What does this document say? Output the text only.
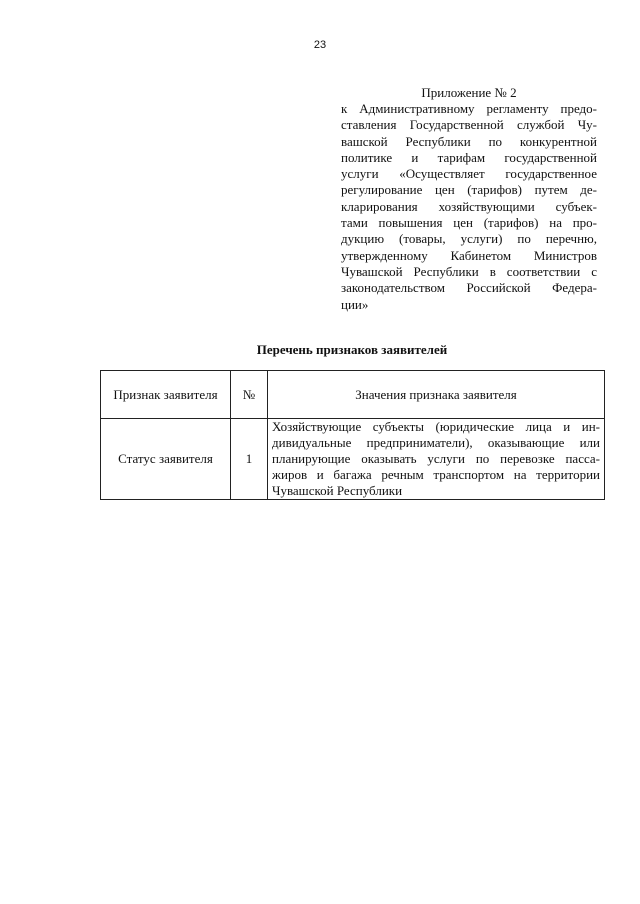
23
Приложение № 2
к Административному регламенту предо-
ставления Государственной службой Чу-
вашской Республики по конкурентной
политике и тарифам государственной
услуги «Осуществляет государственное
регулирование цен (тарифов) путем де-
кларирования хозяйствующими субъек-
тами повышения цен (тарифов) на про-
дукцию (товары, услуги) по перечню,
утвержденному Кабинетом Министров
Чувашской Республики в соответствии с
законодательством Российской Федера-
ции»
Перечень признаков заявителей
Признак заявителя	№	Значения признака заявителя
Статус заявителя	1	Хозяйствующие субъекты (юридические лица и ин-
дивидуальные предприниматели), оказывающие или
планирующие оказывать услуги по перевозке пасса-
жиров и багажа речным транспортом на территории
Чувашской Республики
